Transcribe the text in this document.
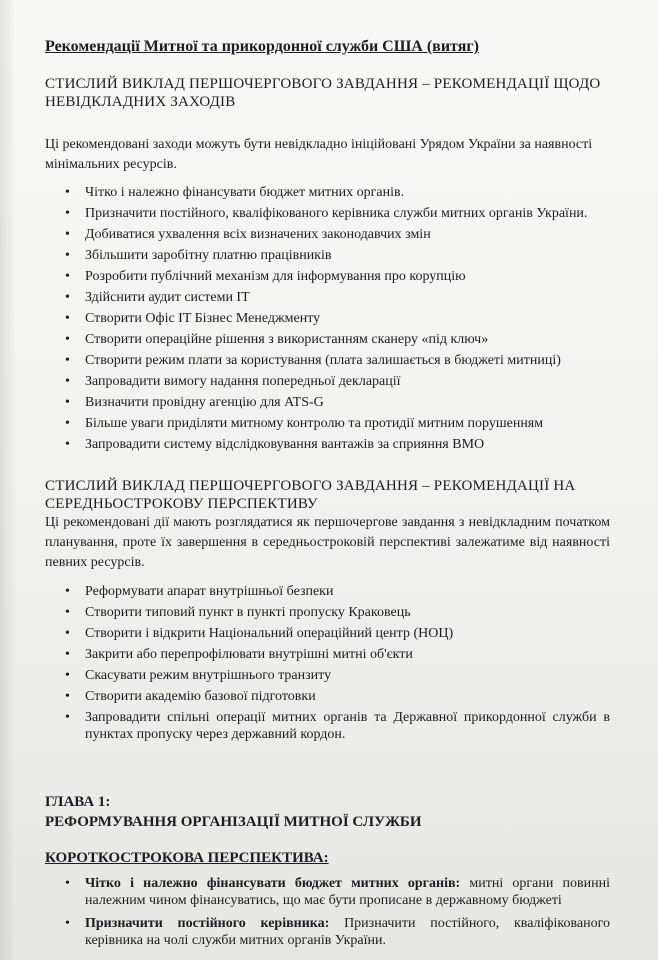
Рекомендації Митної та прикордонної служби США (витяг)

СТИСЛИЙ ВИКЛАД ПЕРШОЧЕРГОВОГО ЗАВДАННЯ – РЕКОМЕНДАЦІЇ ЩОДО НЕВІДКЛАДНИХ ЗАХОДІВ

Ці рекомендовані заходи можуть бути невідкладно ініційовані Урядом України за наявності мінімальних ресурсів.

• Чітко і належно фінансувати бюджет митних органів.
• Призначити постійного, кваліфікованого керівника служби митних органів України.
• Добиватися ухвалення всіх визначених законодавчих змін
• Збільшити заробітну платню працівників
• Розробити публічний механізм для інформування про корупцію
• Здійснити аудит системи IT
• Створити Офіс IT Бізнес Менеджменту
• Створити операційне рішення з використанням сканеру «під ключ»
• Створити режим плати за користування (плата залишається в бюджеті митниці)
• Запровадити вимогу надання попередньої декларації
• Визначити провідну агенцію для ATS-G
• Більше уваги приділяти митному контролю та протидії митним порушенням
• Запровадити систему відслідковування вантажів за сприяння ВМО
СТИСЛИЙ ВИКЛАД ПЕРШОЧЕРГОВОГО ЗАВДАННЯ – РЕКОМЕНДАЦІЇ НА СЕРЕДНЬОСТРОКОВУ ПЕРСПЕКТИВУ

Ці рекомендовані дії мають розглядатися як першочергове завдання з невідкладним початком планування, проте їх завершення в середньостроковій перспективі залежатиме від наявності певних ресурсів.

• Реформувати апарат внутрішньої безпеки
• Створити типовий пункт в пункті пропуску Краковець
• Створити і відкрити Національний операційний центр (НОЦ)
• Закрити або перепрофілювати внутрішні митні об'єкти
• Скасувати режим внутрішнього транзиту
• Створити академію базової підготовки
• Запровадити спільні операції митних органів та Державної прикордонної служби в пунктах пропуску через державний кордон.
ГЛАВА 1:
РЕФОРМУВАННЯ ОРГАНІЗАЦІЇ МИТНОЇ СЛУЖБИ
КОРОТКОСТРОКОВА ПЕРСПЕКТИВА:
• Чітко і належно фінансувати бюджет митних органів: митні органи повинні належним чином фінансуватись, що має бути прописане в державному бюджеті
• Призначити постійного керівника: Призначити постійного, кваліфікованого керівника на чолі служби митних органів України.
